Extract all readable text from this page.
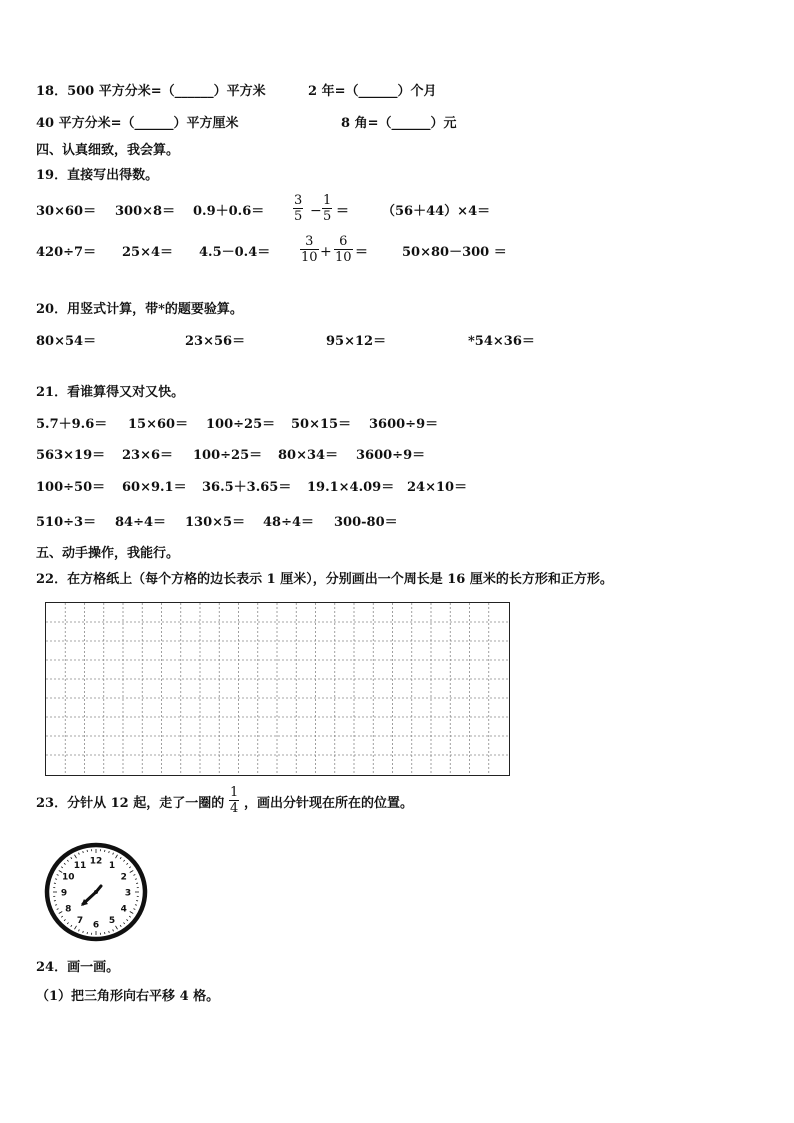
18．500 平方分米=（______）平方米	2 年=（______）个月
40 平方分米=（______）平方厘米	8 角=（______）元
四、认真细致，我会算。
19．直接写出得数。
$30\times 60= 300\times 8= 0.9+0.6= \frac{3}{5} - \frac{1}{5}$ ＝	（56＋44）×4＝
$420\div 7= 25\times 4= 4.5-0.4= \frac{3}{10} + \frac{6}{10}$ ＝	50×80－300 ＝
20．用竖式计算，带*的题要验算。
80×54＝	23×56＝	95×12＝	*54×36＝
21．看谁算得又对又快。
5.7＋9.6＝ 15×60＝ 100÷25＝ 50×15＝ 3600÷9＝
563×19＝ 23×6＝ 100÷25＝ 80×34＝ 3600÷9＝
100÷50＝ 60×9.1＝ 36.5＋3.65＝ 19.1×4.09＝ 24×10＝
510÷3＝ 84÷4＝ 130×5＝ 48÷4＝ 300-80＝
五、动手操作，我能行。
22．在方格纸上（每个方格的边长表示 1 厘米），分别画出一个周长是 16 厘米的长方形和正方形。
23．分针从 12 起，走了一圈的 $\frac{1}{4}$ ，画出分针现在所在的位置。
12 1
2
3
4
5
6
7
8
9
10
11
24．画一画。
（1）把三角形向右平移 4 格。
